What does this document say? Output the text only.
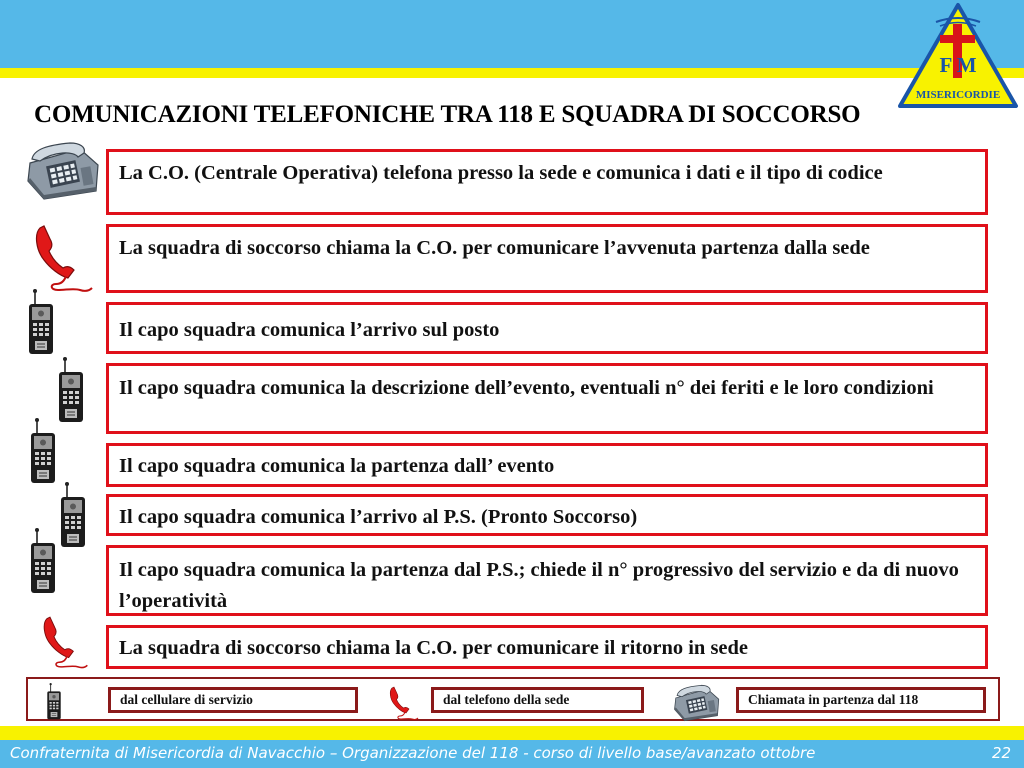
F M
MISERICORDIE
COMUNICAZIONI TELEFONICHE TRA 118 E SQUADRA DI SOCCORSO
La C.O. (Centrale Operativa) telefona presso la sede e comunica i dati e il tipo di codice
La squadra di soccorso chiama la C.O. per comunicare l’avvenuta partenza dalla sede
Il capo squadra comunica l’arrivo sul posto
Il capo squadra comunica la descrizione dell’evento, eventuali n° dei feriti e le loro condizioni
Il capo squadra comunica la partenza dall’ evento
Il capo squadra comunica l’arrivo al P.S. (Pronto Soccorso)
Il capo squadra comunica la partenza dal P.S.; chiede il n° progressivo del servizio e da di nuovo l’operatività
La squadra di soccorso chiama la C.O. per comunicare il ritorno in sede
dal cellulare di servizio	dal telefono della sede	Chiamata in partenza dal 118
Confraternita di Misericordia di Navacchio – Organizzazione del 118 - corso di livello base/avanzato ottobre	22
